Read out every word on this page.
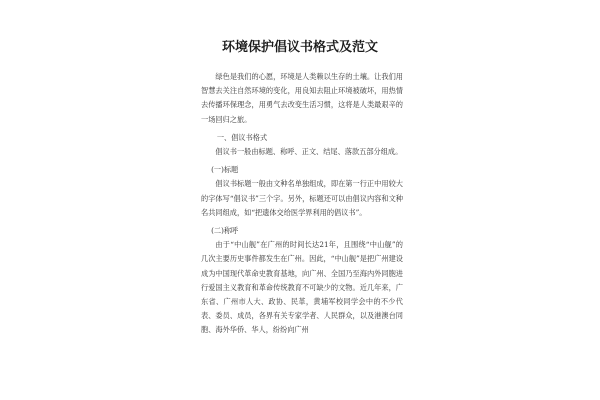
环境保护倡议书格式及范文

绿色是我们的心愿，环境是人类赖以生存的土壤。让我们用智慧去关注自然环境的变化，用良知去阻止环境被破坏，用热情去传播环保理念，用勇气去改变生活习惯，这将是人类最艰辛的一场回归之旅。

一、倡议书格式

倡议书一般由标题、称呼、正文、结尾、落款五部分组成。

(一)标题

倡议书标题一般由文种名单独组成，即在第一行正中用较大的字体写“倡议书”三个字。另外，标题还可以由倡议内容和文种名共同组成，如“把遗体交给医学界利用的倡议书”。

(二)称呼

由于“中山舰”在广州的时间长达21年，且围绕“中山舰”的几次主要历史事件都发生在广州。因此，“中山舰”是把广州建设成为中国现代革命史教育基地，向广州、全国乃至海内外同胞进行爱国主义教育和革命传统教育不可缺少的文物。近几年来，广东省、广州市人大、政协、民革，黄埔军校同学会中的不少代表、委员、成员，各界有关专家学者、人民群众，以及港澳台同胞、海外华侨、华人，纷纷向广州
